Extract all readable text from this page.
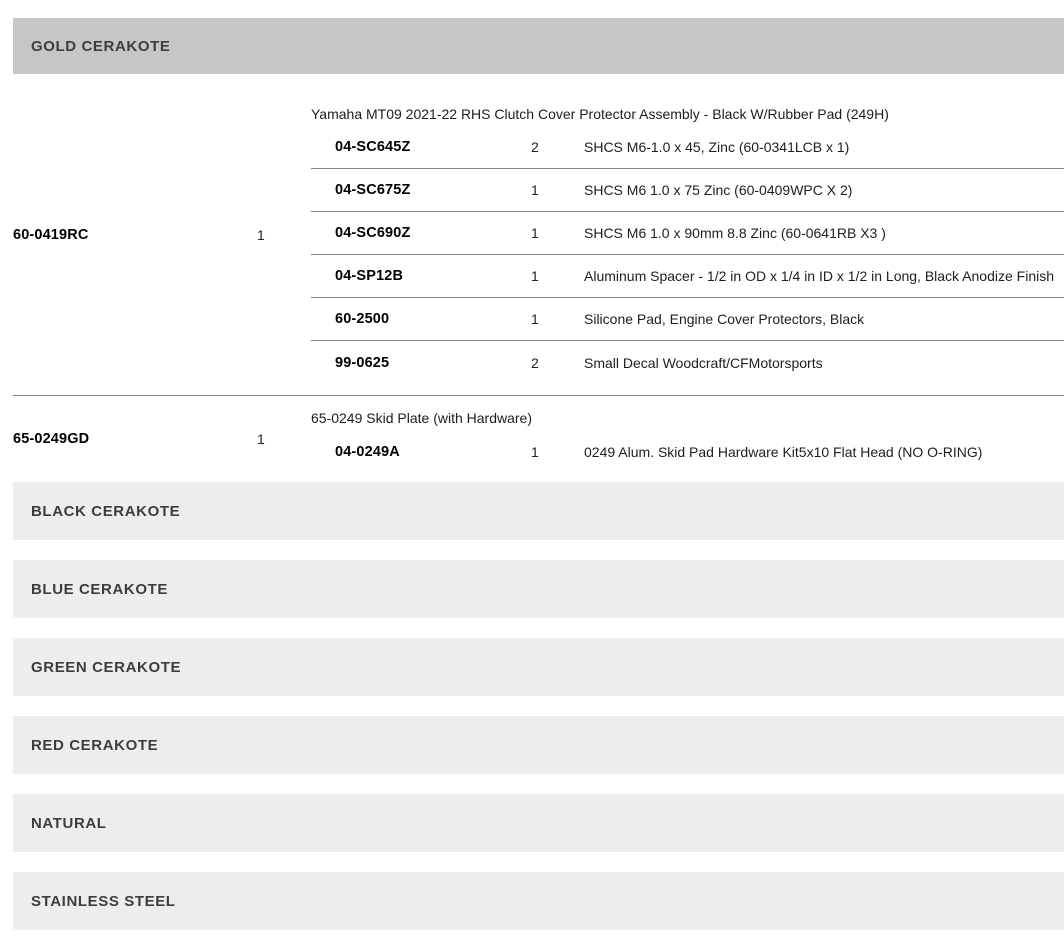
GOLD CERAKOTE
60-0419RC	1
Yamaha MT09 2021-22 RHS Clutch Cover Protector Assembly - Black W/Rubber Pad (249H)
04-SC645Z	2	SHCS M6-1.0 x 45, Zinc (60-0341LCB x 1)
04-SC675Z	1	SHCS M6 1.0 x 75 Zinc (60-0409WPC X 2)
04-SC690Z	1	SHCS M6 1.0 x 90mm 8.8 Zinc (60-0641RB X3 )
04-SP12B	1	Aluminum Spacer - 1/2 in OD x 1/4 in ID x 1/2 in Long, Black Anodize Finish
60-2500	1	Silicone Pad, Engine Cover Protectors, Black
99-0625	2	Small Decal Woodcraft/CFMotorsports
65-0249GD	1
65-0249 Skid Plate (with Hardware)
04-0249A	1	0249 Alum. Skid Pad Hardware Kit5x10 Flat Head (NO O-RING)
BLACK CERAKOTE
BLUE CERAKOTE
GREEN CERAKOTE
RED CERAKOTE
NATURAL
STAINLESS STEEL
